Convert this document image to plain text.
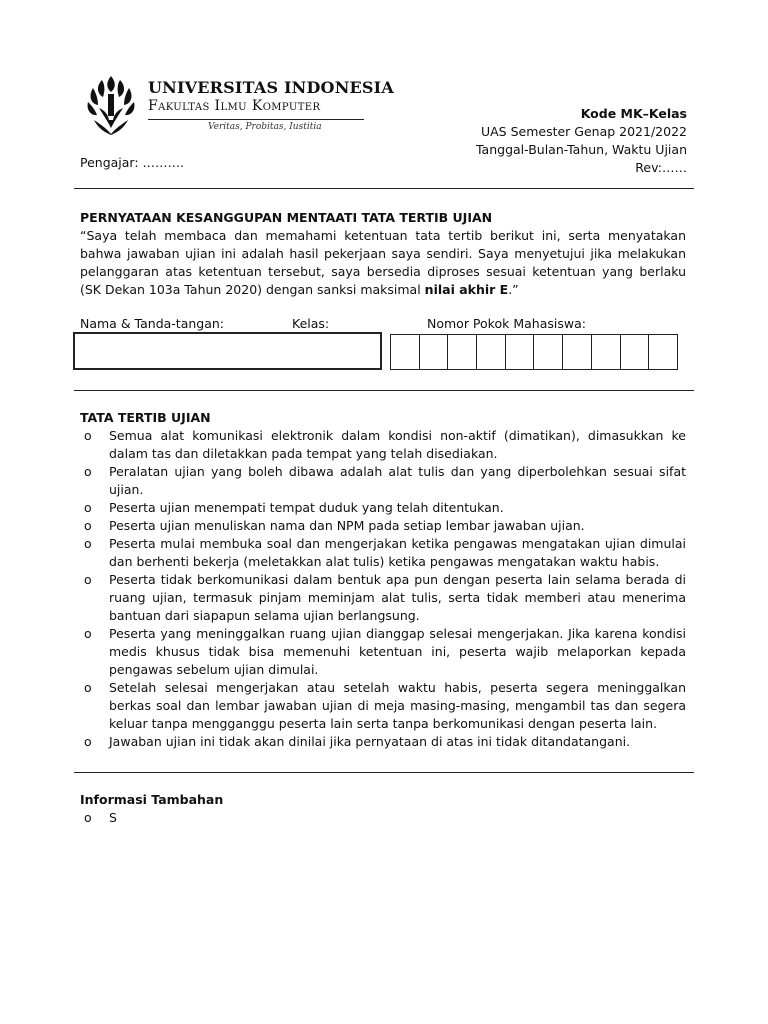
UNIVERSITAS INDONESIA
Fakultas Ilmu Komputer
Veritas, Probitas, Iustitia
Kode MK–Kelas
UAS Semester Genap 2021/2022
Tanggal-Bulan-Tahun, Waktu Ujian
Rev:……
Pengajar: ……….
PERNYATAAN KESANGGUPAN MENTAATI TATA TERTIB UJIAN
“Saya telah membaca dan memahami ketentuan tata tertib berikut ini, serta menyatakan bahwa jawaban ujian ini adalah hasil pekerjaan saya sendiri. Saya menyetujui jika melakukan pelanggaran atas ketentuan tersebut, saya bersedia diproses sesuai ketentuan yang berlaku (SK Dekan 103a Tahun 2020) dengan sanksi maksimal nilai akhir E.”
Nama & Tanda-tangan:	Kelas:	Nomor Pokok Mahasiswa:
TATA TERTIB UJIAN
o Semua alat komunikasi elektronik dalam kondisi non-aktif (dimatikan), dimasukkan ke dalam tas dan diletakkan pada tempat yang telah disediakan.
o Peralatan ujian yang boleh dibawa adalah alat tulis dan yang diperbolehkan sesuai sifat ujian.
o Peserta ujian menempati tempat duduk yang telah ditentukan.
o Peserta ujian menuliskan nama dan NPM pada setiap lembar jawaban ujian.
o Peserta mulai membuka soal dan mengerjakan ketika pengawas mengatakan ujian dimulai dan berhenti bekerja (meletakkan alat tulis) ketika pengawas mengatakan waktu habis.
o Peserta tidak berkomunikasi dalam bentuk apa pun dengan peserta lain selama berada di ruang ujian, termasuk pinjam meminjam alat tulis, serta tidak memberi atau menerima bantuan dari siapapun selama ujian berlangsung.
o Peserta yang meninggalkan ruang ujian dianggap selesai mengerjakan. Jika karena kondisi medis khusus tidak bisa memenuhi ketentuan ini, peserta wajib melaporkan kepada pengawas sebelum ujian dimulai.
o Setelah selesai mengerjakan atau setelah waktu habis, peserta segera meninggalkan berkas soal dan lembar jawaban ujian di meja masing-masing, mengambil tas dan segera keluar tanpa mengganggu peserta lain serta tanpa berkomunikasi dengan peserta lain.
o Jawaban ujian ini tidak akan dinilai jika pernyataan di atas ini tidak ditandatangani.
Informasi Tambahan
o S
